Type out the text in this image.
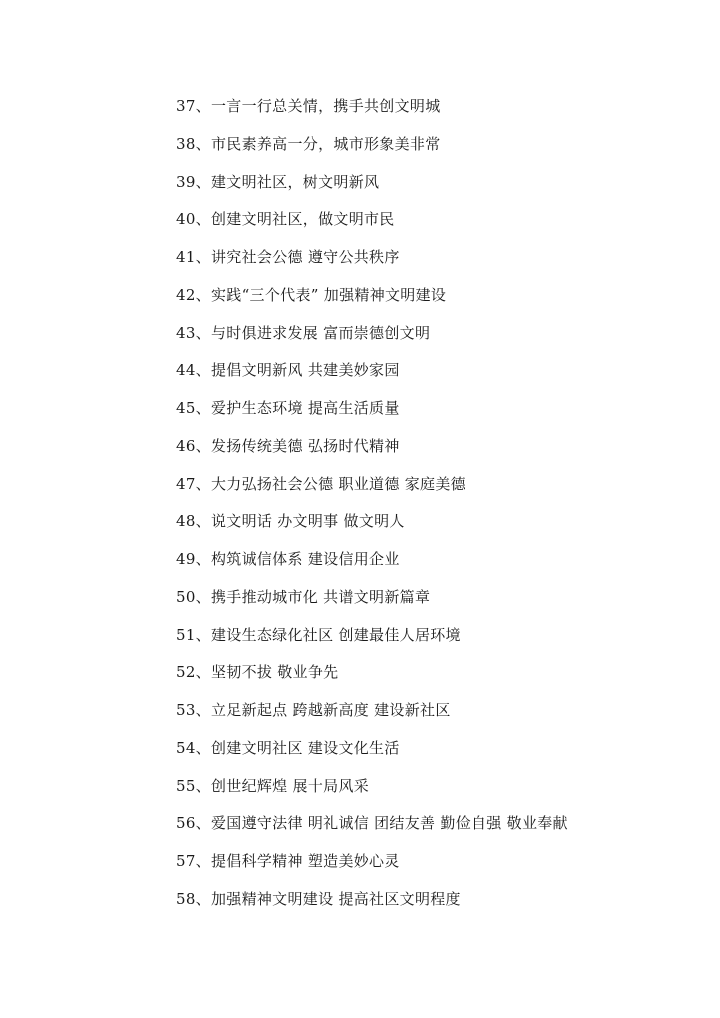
37、一言一行总关情，携手共创文明城
38、市民素养高一分，城市形象美非常
39、建文明社区，树文明新风
40、创建文明社区，做文明市民
41、讲究社会公德 遵守公共秩序
42、实践“三个代表” 加强精神文明建设
43、与时俱进求发展 富而崇德创文明
44、提倡文明新风 共建美妙家园
45、爱护生态环境 提高生活质量
46、发扬传统美德 弘扬时代精神
47、大力弘扬社会公德 职业道德 家庭美德
48、说文明话 办文明事 做文明人
49、构筑诚信体系 建设信用企业
50、携手推动城市化 共谱文明新篇章
51、建设生态绿化社区 创建最佳人居环境
52、坚韧不拔 敬业争先
53、立足新起点 跨越新高度 建设新社区
54、创建文明社区 建设文化生活
55、创世纪辉煌 展十局风采
56、爱国遵守法律 明礼诚信 团结友善 勤俭自强 敬业奉献
57、提倡科学精神 塑造美妙心灵
58、加强精神文明建设 提高社区文明程度
